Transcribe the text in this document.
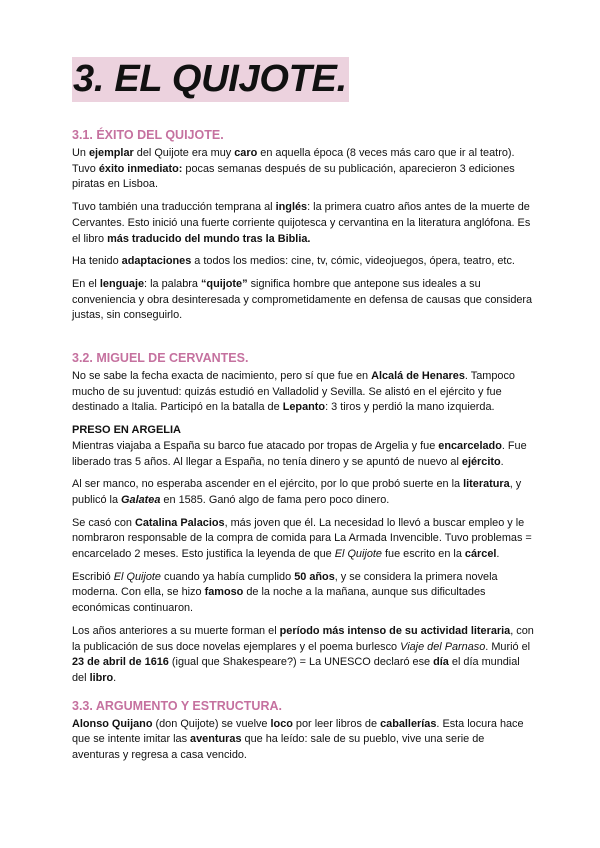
3. EL QUIJOTE.
3.1. ÉXITO DEL QUIJOTE.

Un ejemplar del Quijote era muy caro en aquella época (8 veces más caro que ir al teatro). Tuvo éxito inmediato: pocas semanas después de su publicación, aparecieron 3 ediciones piratas en Lisboa.

Tuvo también una traducción temprana al inglés: la primera cuatro años antes de la muerte de Cervantes. Esto inició una fuerte corriente quijotesca y cervantina en la literatura anglófona. Es el libro más traducido del mundo tras la Biblia.

Ha tenido adaptaciones a todos los medios: cine, tv, cómic, videojuegos, ópera, teatro, etc.

En el lenguaje: la palabra “quijote” significa hombre que antepone sus ideales a su conveniencia y obra desinteresada y comprometidamente en defensa de causas que considera justas, sin conseguirlo.

3.2. MIGUEL DE CERVANTES.

No se sabe la fecha exacta de nacimiento, pero sí que fue en Alcalá de Henares. Tampoco mucho de su juventud: quizás estudió en Valladolid y Sevilla. Se alistó en el ejército y fue destinado a Italia. Participó en la batalla de Lepanto: 3 tiros y perdió la mano izquierda.

PRESO EN ARGELIA

Mientras viajaba a España su barco fue atacado por tropas de Argelia y fue encarcelado. Fue liberado tras 5 años. Al llegar a España, no tenía dinero y se apuntó de nuevo al ejército.

Al ser manco, no esperaba ascender en el ejército, por lo que probó suerte en la literatura, y publicó la Galatea en 1585. Ganó algo de fama pero poco dinero.

Se casó con Catalina Palacios, más joven que él. La necesidad lo llevó a buscar empleo y le nombraron responsable de la compra de comida para La Armada Invencible. Tuvo problemas = encarcelado 2 meses. Esto justifica la leyenda de que El Quijote fue escrito en la cárcel.

Escribió El Quijote cuando ya había cumplido 50 años, y se considera la primera novela moderna. Con ella, se hizo famoso de la noche a la mañana, aunque sus dificultades económicas continuaron.

Los años anteriores a su muerte forman el período más intenso de su actividad literaria, con la publicación de sus doce novelas ejemplares y el poema burlesco Viaje del Parnaso. Murió el 23 de abril de 1616 (igual que Shakespeare?) = La UNESCO declaró ese día el día mundial del libro.

3.3. ARGUMENTO Y ESTRUCTURA.

Alonso Quijano (don Quijote) se vuelve loco por leer libros de caballerías. Esta locura hace que se intente imitar las aventuras que ha leído: sale de su pueblo, vive una serie de aventuras y regresa a casa vencido.
